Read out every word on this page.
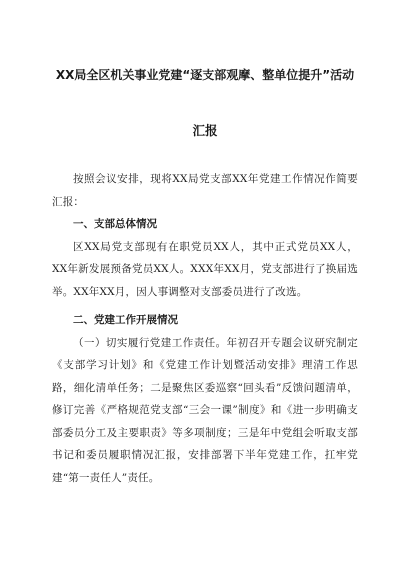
XX局全区机关事业党建“逐支部观摩、整单位提升”活动

汇报

按照会议安排，现将XX局党支部XX年党建工作情况作简要汇报：

一、支部总体情况

区XX局党支部现有在职党员XX人，其中正式党员XX人，XX年新发展预备党员XX人。XXX年XX月，党支部进行了换届选举。XX年XX月，因人事调整对支部委员进行了改选。

二、党建工作开展情况

（一）切实履行党建工作责任。年初召开专题会议研究制定《支部学习计划》和《党建工作计划暨活动安排》理清工作思路，细化清单任务；二是聚焦区委巡察“回头看”反馈问题清单，修订完善《严格规范党支部“三会一课”制度》和《进一步明确支部委员分工及主要职责》等多项制度；三是年中党组会听取支部书记和委员履职情况汇报，安排部署下半年党建工作，扛牢党建“第一责任人”责任。
